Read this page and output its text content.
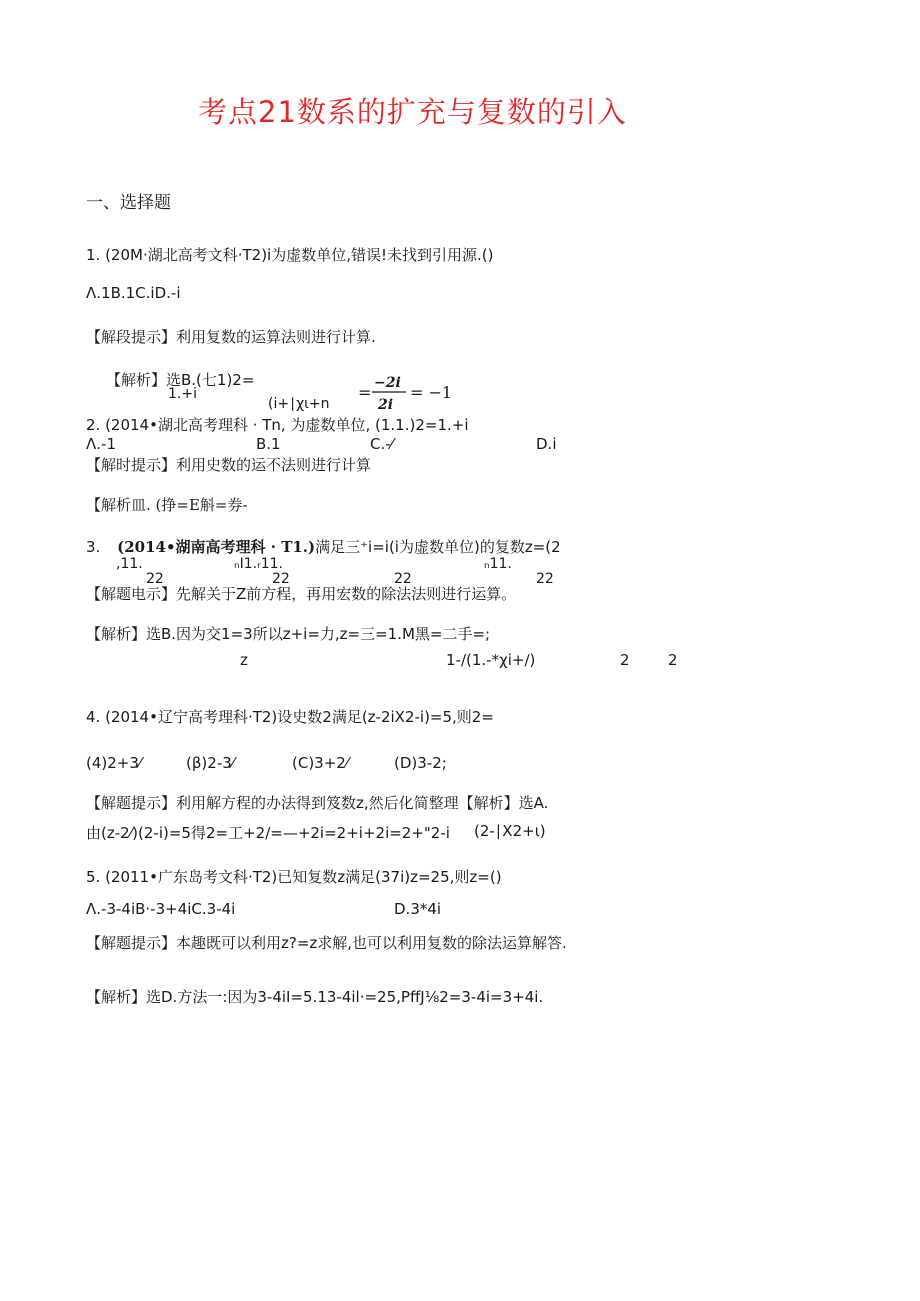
考点21数系的扩充与复数的引入
一、选择题
1. (20M·湖北高考文科·T2)i为虚数单位,错误!未找到引用源.()
Λ.1B.1C.iD.-i
【解段提示】利用复数的运算法则进行计算.
【解析】选B.(七1)2=
1.+i
(i+∣χι+n
= −2i
2i
= −1
2. (2014•湖北高考理科 · Tn, 为虚数单位, (1.1.)2=1.+i
Λ.-1	B.1	C.-⁄	D.i
【解时提示】利用史数的运不法则进行计算
【解析皿. (挣=E斛=券-
3. (2014•湖南高考理科 · T1.)满足三⁺i=i(i为虚数单位)的复数z=(2
,11.	ₙI1.ᵣ11.	ₙ11.
22	22	22	22
【解题电示】先解关于Z前方程，再用宏数的除法法则进行运算。
【解析】选B.因为交1=3所以z+i=力,z=三=1.M黑=二手=;
z	1-∕(1.-*χi+∕)	2	2
4. (2014•辽宁高考理科·T2)设史数2满足(z-2iX2-i)=5,则2=
(4)2+3⁄	(β)2-3⁄	(C)3+2⁄	(D)3-2;
【解题提示】利用解方程的办法得到笈数z,然后化简整理【解析】选A.
由(z-2⁄)(2-i)=5得2=工+2/=—+2i=2+i+2i=2+"2-i (2-∣X2+ι)
5. (2011•广东岛考文科·T2)已知复数z满足(37i)z=25,则z=()
Λ.-3-4iB·-3+4iC.3-4i	D.3*4i
【解题提示】本趣既可以利用z?=z求解,也可以利用复数的除法运算解答.
【解析】选D.方法一:因为3-4iI=5.13-4il·=25,PffJ⅛2=3-4i=3+4i.
